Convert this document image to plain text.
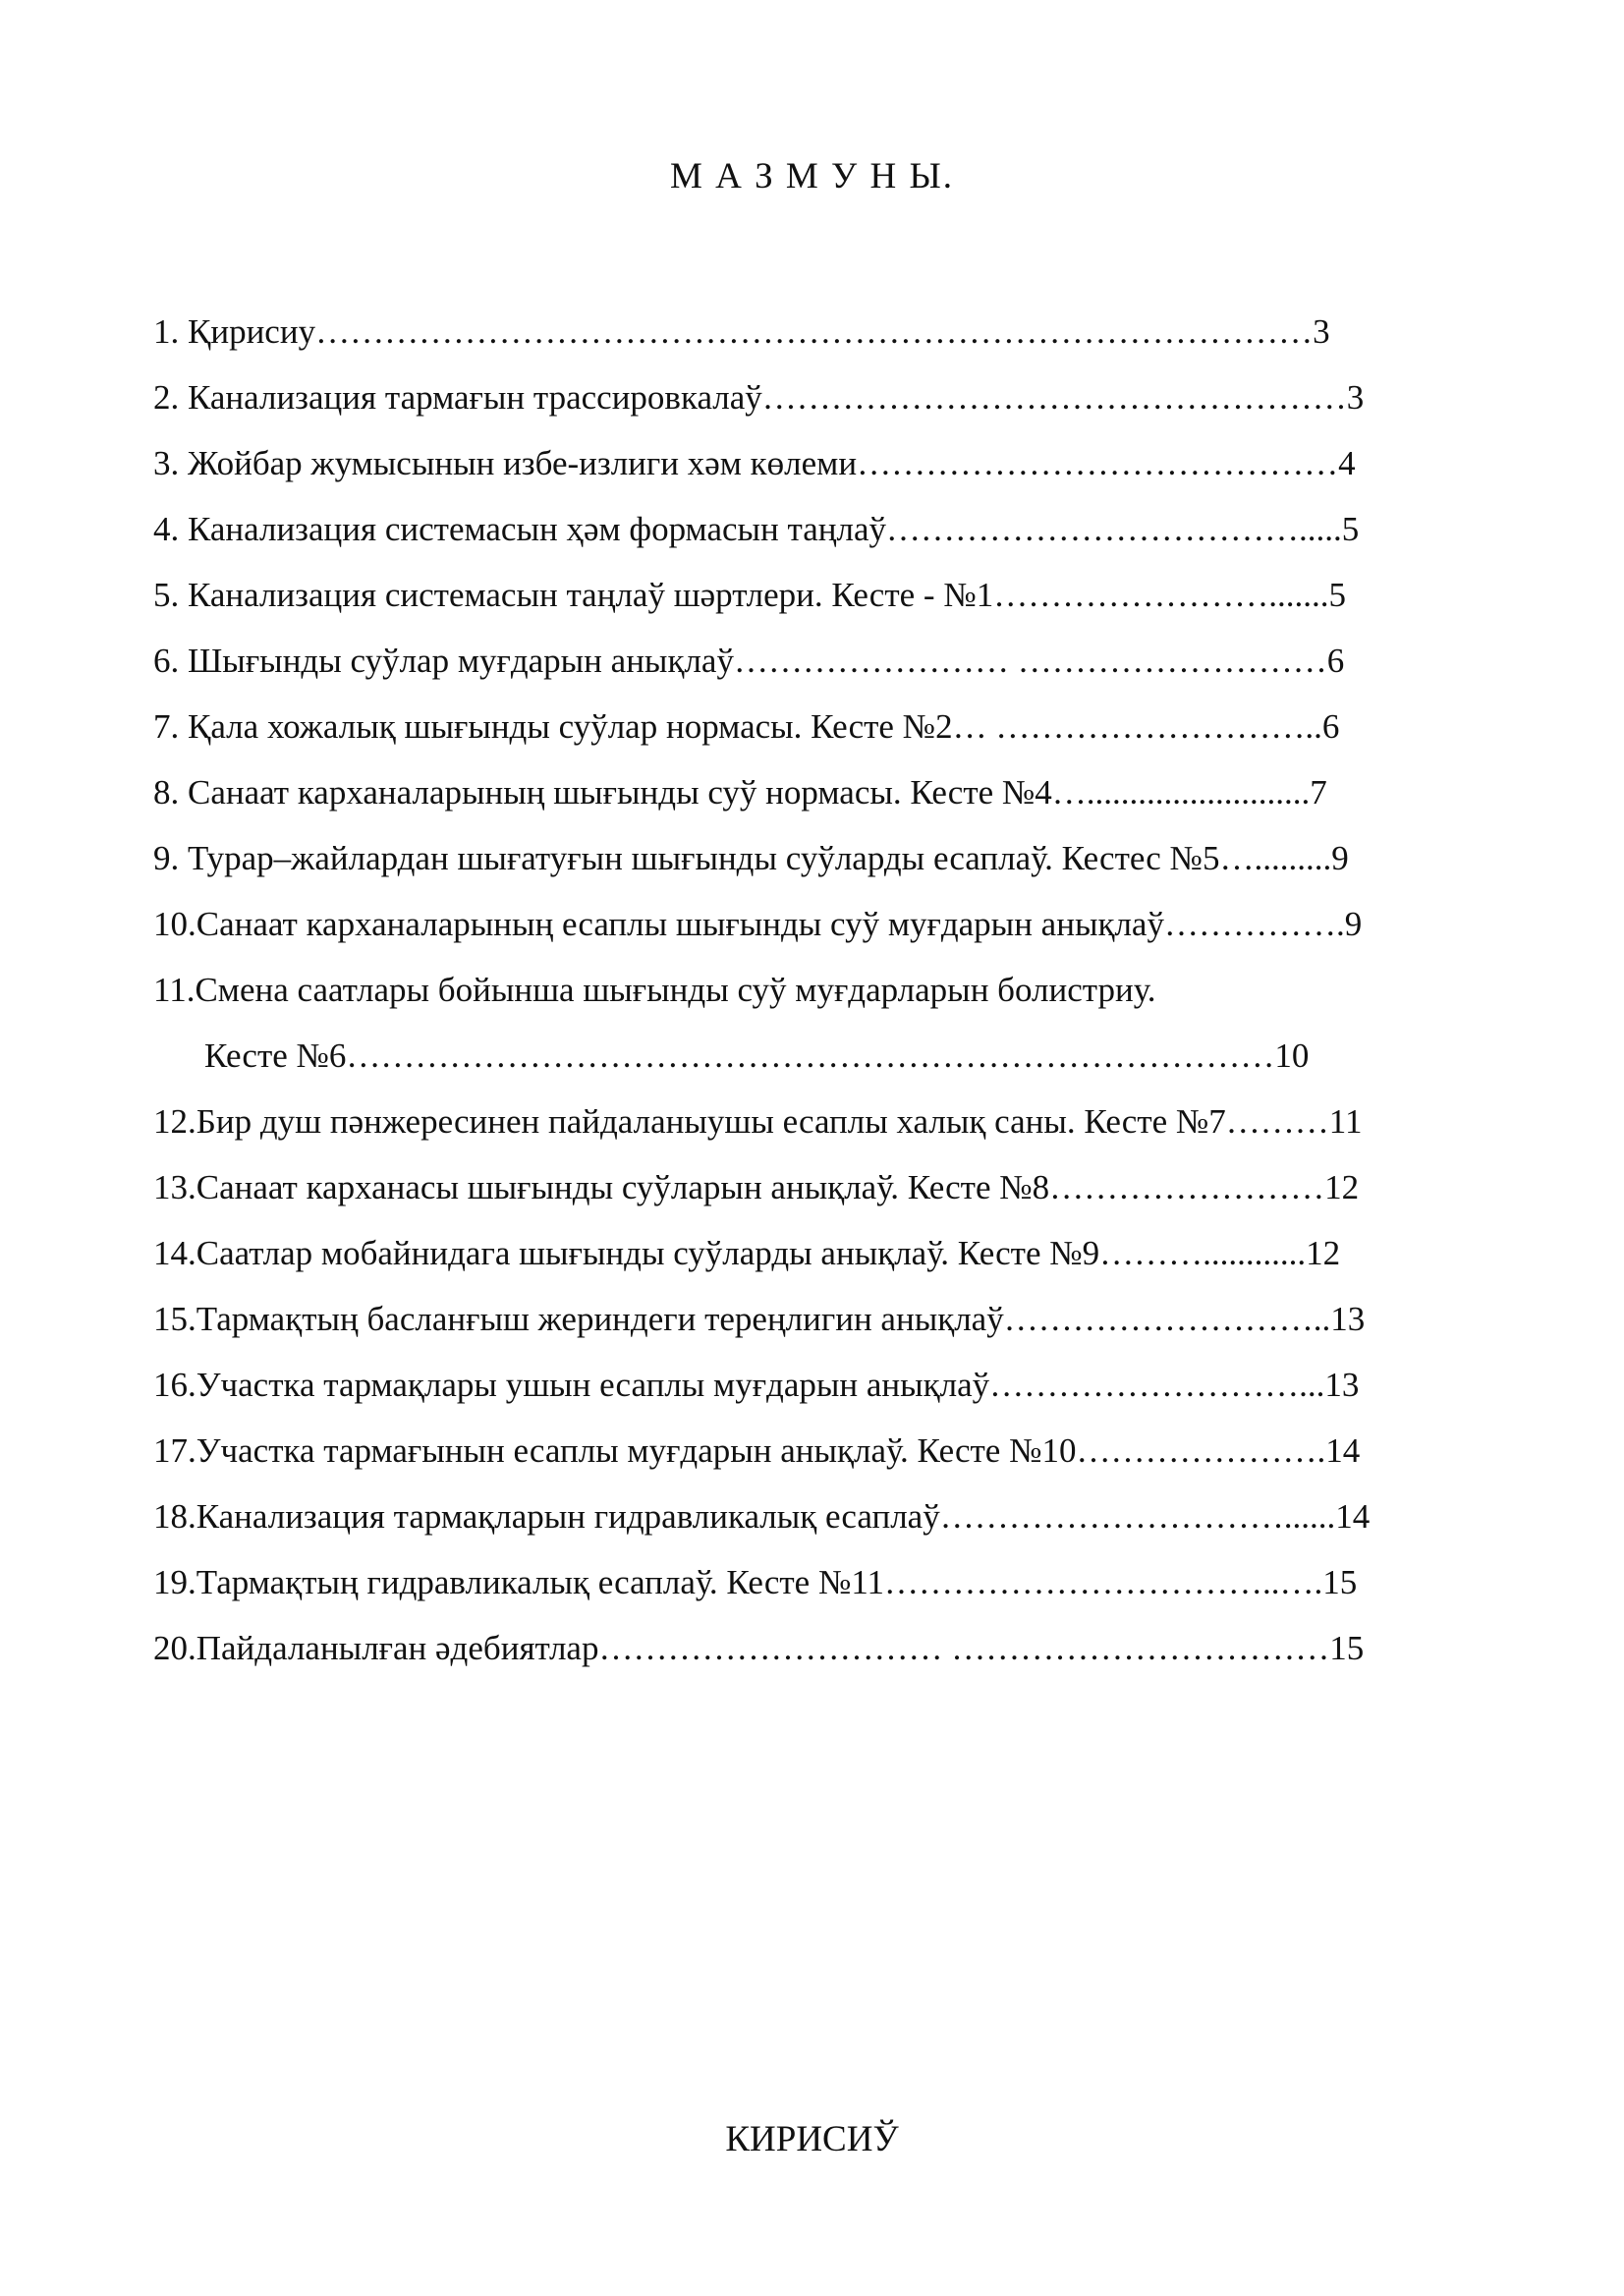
М А З М У Н Ы.
1. Қирисиу……………………………………………………………………………3
2. Канализация тармағын трассировкалаў……………………………………………3
3. Жойбар жумысынын избе-излиги хәм көлеми……………………………………4
4. Канализация системасын ҳәм формасын таңлаў……………………………….....5
5. Канализация системасын таңлаў шәртлери. Кесте - №1…………………….......5
6. Шығынды суўлар муғдарын анықлаў…………………… ………………………6
7. Қала хожалық шығынды суўлар нормасы. Кесте №2… ………………………..6
8. Санаат карханаларының шығынды суў нормасы. Кесте №4…..........................7
9. Турар–жайлардан шығатуғын шығынды суўларды есаплаў. Кестес №5….........9
10.Санаат карханаларының есаплы шығынды суў муғдарын анықлаў…………….9
11.Смена саатлары бойынша шығынды суў муғдарларын болистриу.
Кесте №6………………………………………………………………………10
12.Бир душ пәнжересинен пайдаланыушы есаплы халық саны. Кесте №7………11
13.Санаат карханасы шығынды суўларын анықлаў. Кесте №8……………………12
14.Саатлар мобайнидага шығынды суўларды анықлаў. Кесте №9………............12
15.Тармақтың басланғыш жериндеги тереңлигин анықлаў………………………..13
16.Участка тармақлары ушын есаплы муғдарын анықлаў………………………...13
17.Участка тармағынын есаплы муғдарын анықлаў. Кесте №10………………….14
18.Канализация тармақларын гидравликалық есаплаў…………………………......14
19.Тармақтың гидравликалық есаплаў. Кесте №11……………………………..….15
20.Пайдаланылған әдебиятлар………………………… ……………………………15
КИРИСИЎ
